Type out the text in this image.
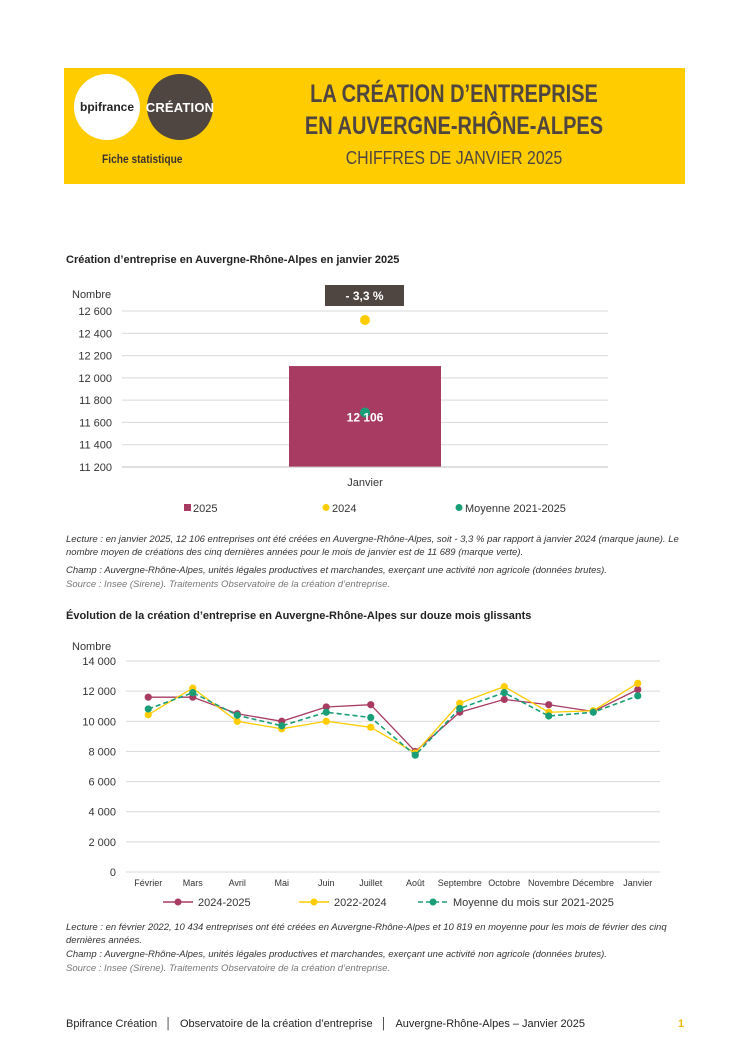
bpifrance CRÉATION
Fiche statistique
LA CRÉATION D’ENTREPRISE
EN AUVERGNE-RHÔNE-ALPES
CHIFFRES DE JANVIER 2025
Création d’entreprise en Auvergne-Rhône-Alpes en janvier 2025
11 200
11 400
11 600
11 800
12 000
12 200
12 400
12 600
Nombre
12 106
Janvier
- 3,3 %
2025	2024	Moyenne 2021-2025
Lecture : en janvier 2025, 12 106 entreprises ont été créées en Auvergne-Rhône-Alpes, soit - 3,3 % par rapport à janvier 2024 (marque jaune). Le nombre moyen de créations des cinq dernières années pour le mois de janvier est de 11 689 (marque verte).
Champ : Auvergne-Rhône-Alpes, unités légales productives et marchandes, exerçant une activité non agricole (données brutes).
Source : Insee (Sirene). Traitements Observatoire de la création d’entreprise.
Évolution de la création d’entreprise en Auvergne-Rhône-Alpes sur douze mois glissants
0
2 000
4 000
6 000
8 000
10 000
12 000
14 000
Nombre
Février Mars	Avril	Mai	Juin	Juillet	Août Septembre Octobre Novembre Décembre Janvier
2024-2025	2022-2024	Moyenne du mois sur 2021-2025
Lecture : en février 2022, 10 434 entreprises ont été créées en Auvergne-Rhône-Alpes et 10 819 en moyenne pour les mois de février des cinq dernières années.
Champ : Auvergne-Rhône-Alpes, unités légales productives et marchandes, exerçant une activité non agricole (données brutes).
Source : Insee (Sirene). Traitements Observatoire de la création d’entreprise.
Bpifrance Création │ Observatoire de la création d’entreprise │ Auvergne-Rhône-Alpes – Janvier 2025	1
